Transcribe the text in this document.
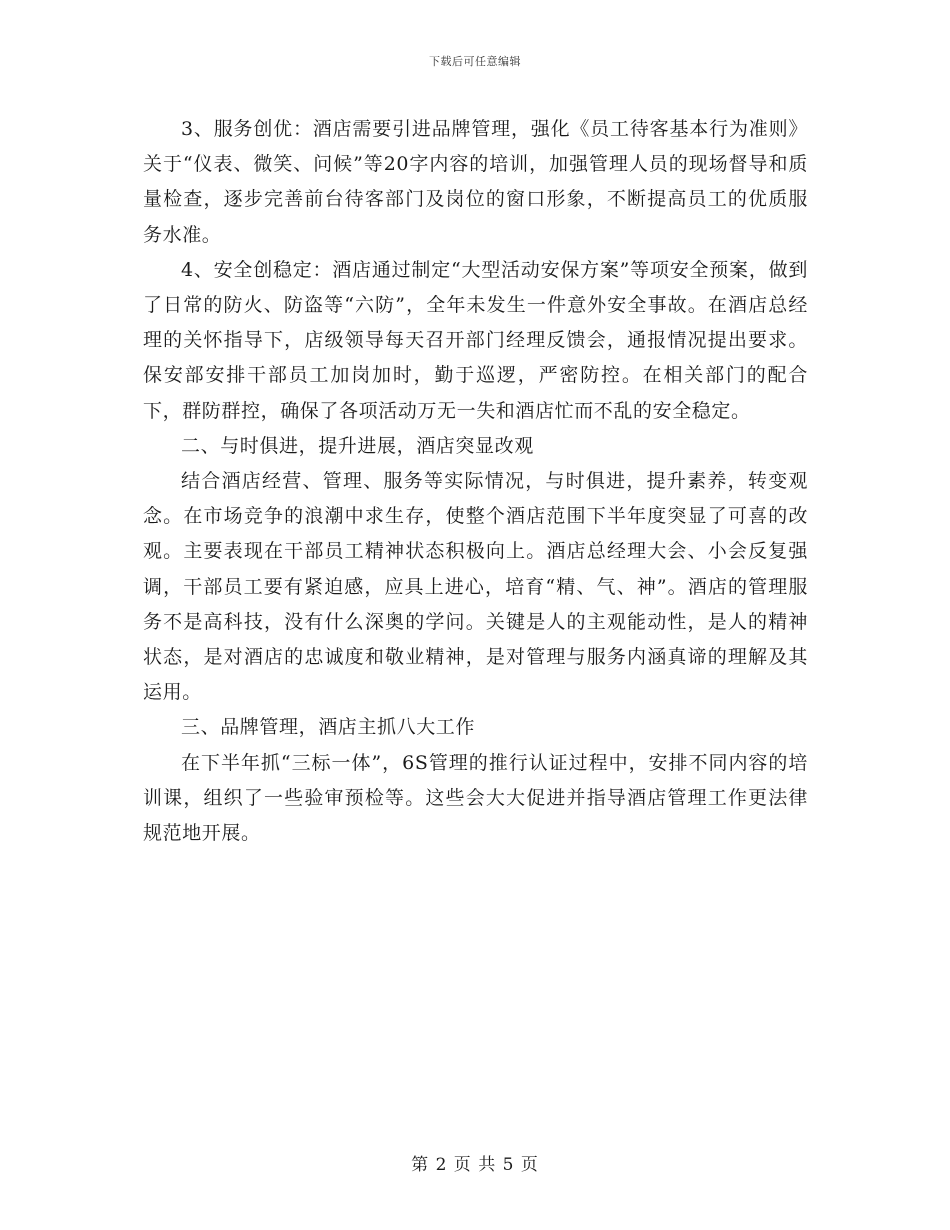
下载后可任意编辑

3、服务创优：酒店需要引进品牌管理，强化《员工待客基本行为准则》关于“仪表、微笑、问候”等20字内容的培训，加强管理人员的现场督导和质量检查，逐步完善前台待客部门及岗位的窗口形象，不断提高员工的优质服务水准。

4、安全创稳定：酒店通过制定“大型活动安保方案”等项安全预案，做到了日常的防火、防盗等“六防”，全年未发生一件意外安全事故。在酒店总经理的关怀指导下，店级领导每天召开部门经理反馈会，通报情况提出要求。保安部安排干部员工加岗加时，勤于巡逻，严密防控。在相关部门的配合下，群防群控，确保了各项活动万无一失和酒店忙而不乱的安全稳定。

二、与时俱进，提升进展，酒店突显改观

结合酒店经营、管理、服务等实际情况，与时俱进，提升素养，转变观念。在市场竞争的浪潮中求生存，使整个酒店范围下半年度突显了可喜的改观。主要表现在干部员工精神状态积极向上。酒店总经理大会、小会反复强调，干部员工要有紧迫感，应具上进心，培育“精、气、神”。酒店的管理服务不是高科技，没有什么深奥的学问。关键是人的主观能动性，是人的精神状态，是对酒店的忠诚度和敬业精神，是对管理与服务内涵真谛的理解及其运用。

三、品牌管理，酒店主抓八大工作

在下半年抓“三标一体”，6S管理的推行认证过程中，安排不同内容的培训课，组织了一些验审预检等。这些会大大促进并指导酒店管理工作更法律规范地开展。

第 2 页 共 5 页
